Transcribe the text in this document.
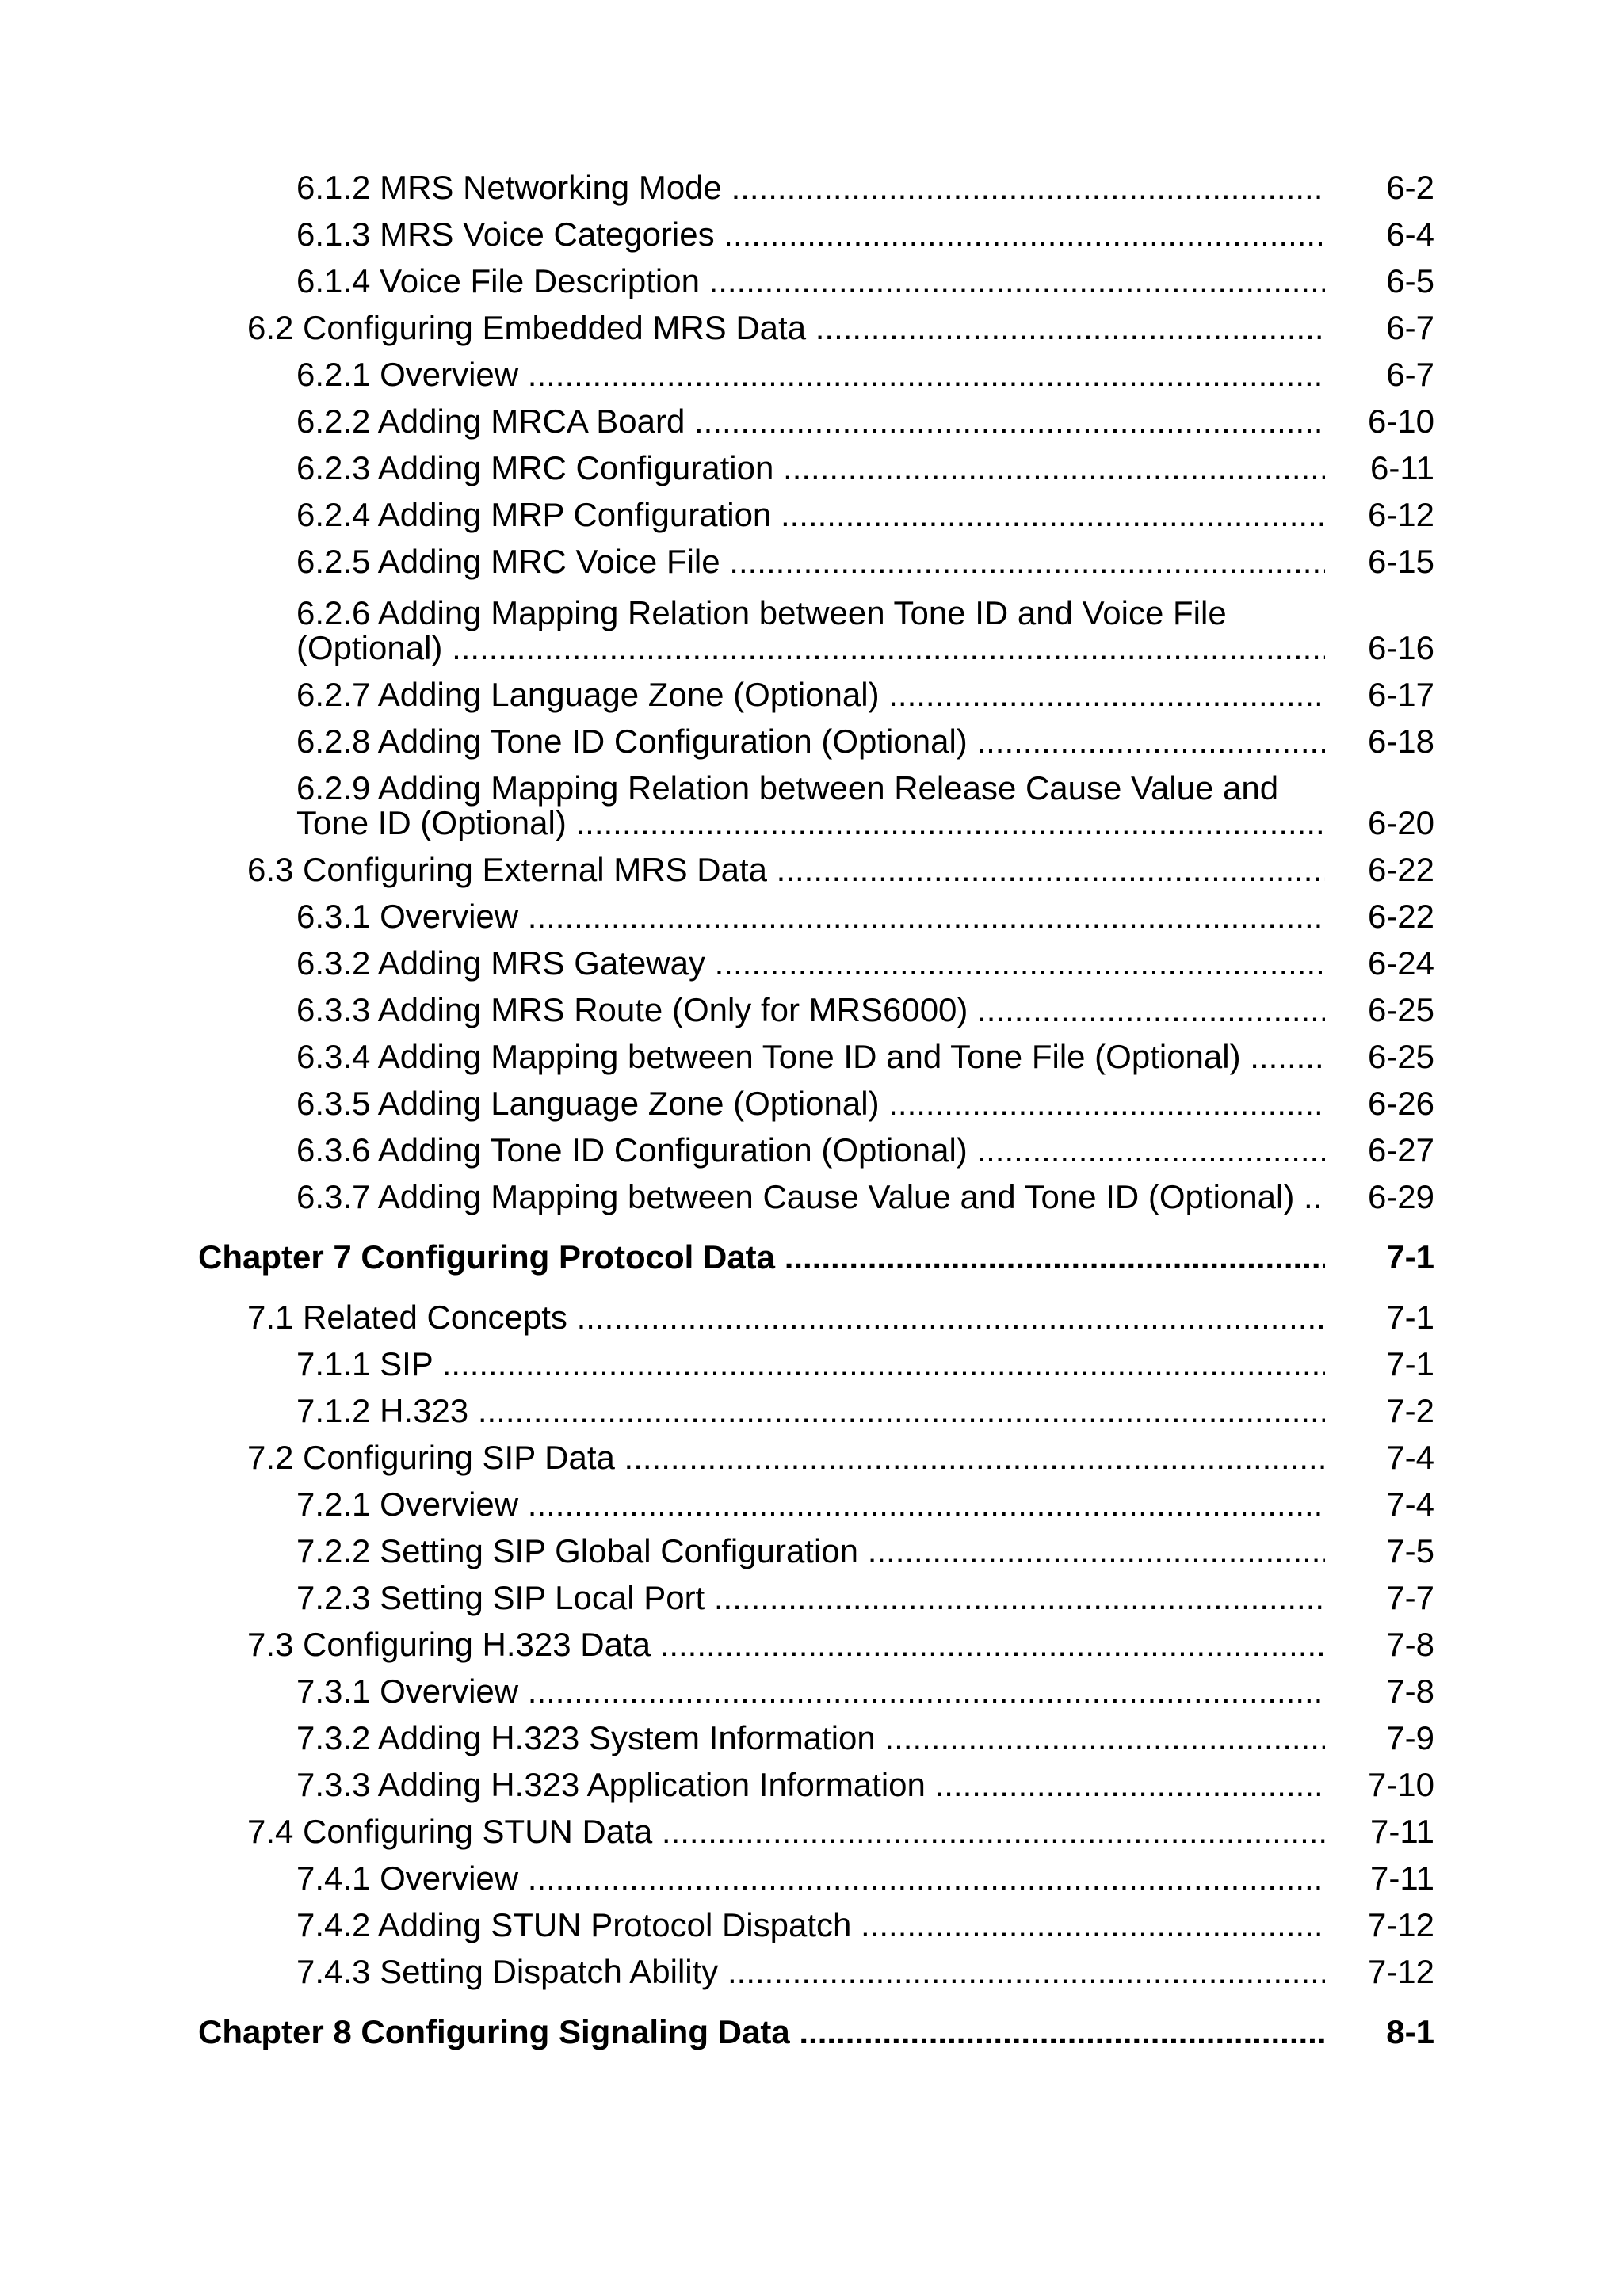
6.1.2 MRS Networking Mode .....	6-2
6.1.3 MRS Voice Categories .....	6-4
6.1.4 Voice File Description .....	6-5
6.2 Configuring Embedded MRS Data .....	6-7
6.2.1 Overview .....	6-7
6.2.2 Adding MRCA Board .....	6-10
6.2.3 Adding MRC Configuration .....	6-11
6.2.4 Adding MRP Configuration .....	6-12
6.2.5 Adding MRC Voice File .....	6-15
6.2.6 Adding Mapping Relation between Tone ID and Voice File
(Optional) .....	6-16
6.2.7 Adding Language Zone (Optional) .....	6-17
6.2.8 Adding Tone ID Configuration (Optional) .....	6-18
6.2.9 Adding Mapping Relation between Release Cause Value and
Tone ID (Optional) .....	6-20
6.3 Configuring External MRS Data .....	6-22
6.3.1 Overview .....	6-22
6.3.2 Adding MRS Gateway .....	6-24
6.3.3 Adding MRS Route (Only for MRS6000) .....	6-25
6.3.4 Adding Mapping between Tone ID and Tone File (Optional) .....	6-25
6.3.5 Adding Language Zone (Optional) .....	6-26
6.3.6 Adding Tone ID Configuration (Optional) .....	6-27
6.3.7 Adding Mapping between Cause Value and Tone ID (Optional) .....	6-29
Chapter 7 Configuring Protocol Data .....	7-1
7.1 Related Concepts .....	7-1
7.1.1 SIP .....	7-1
7.1.2 H.323 .....	7-2
7.2 Configuring SIP Data .....	7-4
7.2.1 Overview .....	7-4
7.2.2 Setting SIP Global Configuration .....	7-5
7.2.3 Setting SIP Local Port .....	7-7
7.3 Configuring H.323 Data .....	7-8
7.3.1 Overview .....	7-8
7.3.2 Adding H.323 System Information .....	7-9
7.3.3 Adding H.323 Application Information .....	7-10
7.4 Configuring STUN Data .....	7-11
7.4.1 Overview .....	7-11
7.4.2 Adding STUN Protocol Dispatch .....	7-12
7.4.3 Setting Dispatch Ability .....	7-12
Chapter 8 Configuring Signaling Data .....	8-1
